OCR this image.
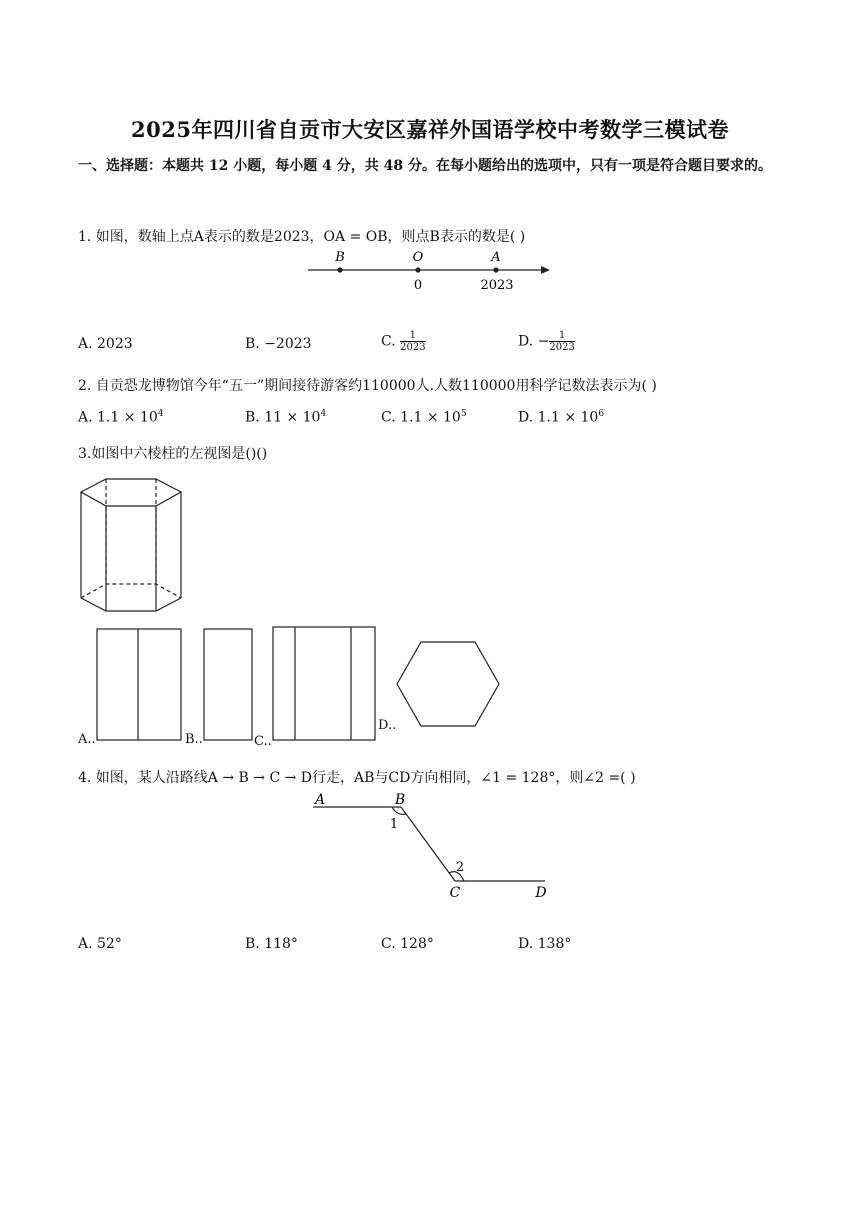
2025年四川省自贡市大安区嘉祥外国语学校中考数学三模试卷
一、选择题：本题共 12 小题，每小题 4 分，共 48 分。在每小题给出的选项中，只有一项是符合题目要求的。
1. 如图，数轴上点A表示的数是2023，OA = OB，则点B表示的数是( )
B	O	A
0	2023
A. 2023	B. −2023	C. $\frac{1}{2023}$	D. − $\frac{1}{2023}$
2. 自贡恐龙博物馆今年“五一”期间接待游客约110000人.人数110000用科学记数法表示为( )
A. $1.1 \times 10^4$	B. $11 \times 10^4$	C. $1.1 \times 10^5$	D. $1.1 \times 10^6$
3.如图中六棱柱的左视图是()()
A..	B..	C..
D..
4. 如图，某人沿路线A → B → C → D行走，AB与CD方向相同，∠1 = 128°，则∠2 =( )
A	B
1
2
C	D
A. 52°	B. 118°	C. 128°	D. 138°
